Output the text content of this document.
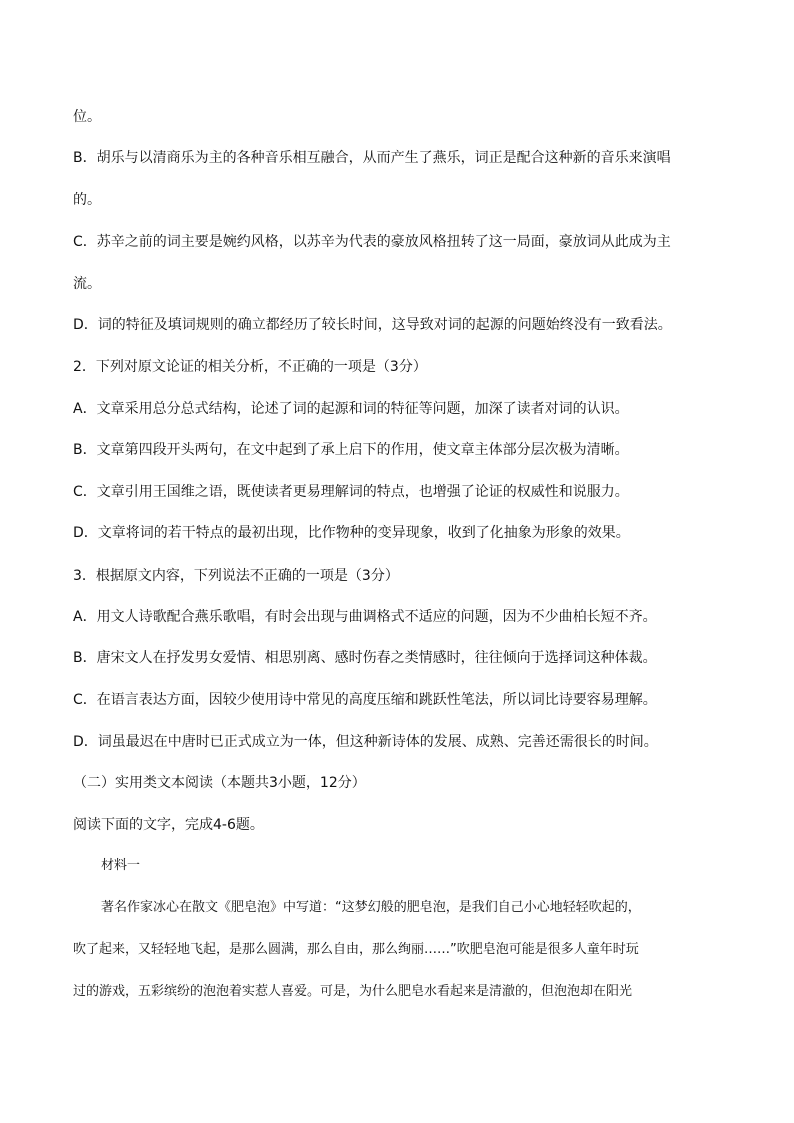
位。
B．胡乐与以清商乐为主的各种音乐相互融合，从而产生了燕乐，词正是配合这种新的音乐来演唱
的。
C．苏辛之前的词主要是婉约风格，以苏辛为代表的豪放风格扭转了这一局面，豪放词从此成为主
流。
D．词的特征及填词规则的确立都经历了较长时间，这导致对词的起源的问题始终没有一致看法。
2．下列对原文论证的相关分析，不正确的一项是（3分）
A．文章采用总分总式结构，论述了词的起源和词的特征等问题，加深了读者对词的认识。
B．文章第四段开头两句，在文中起到了承上启下的作用，使文章主体部分层次极为清晰。
C．文章引用王国维之语，既使读者更易理解词的特点，也增强了论证的权威性和说服力。
D．文章将词的若干特点的最初出现，比作物种的变异现象，收到了化抽象为形象的效果。
3．根据原文内容，下列说法不正确的一项是（3分）
A．用文人诗歌配合燕乐歌唱，有时会出现与曲调格式不适应的问题，因为不少曲柏长短不齐。
B．唐宋文人在抒发男女爱情、相思别离、感时伤春之类情感时，往往倾向于选择词这种体裁。
C．在语言表达方面，因较少使用诗中常见的高度压缩和跳跃性笔法，所以词比诗要容易理解。
D．词虽最迟在中唐时已正式成立为一体，但这种新诗体的发展、成熟、完善还需很长的时间。
（二）实用类文本阅读（本题共3小题，12分）
阅读下面的文字，完成4-6题。
材料一
著名作家冰心在散文《肥皂泡》中写道：“这梦幻般的肥皂泡，是我们自己小心地轻轻吹起的，
吹了起来，又轻轻地飞起，是那么圆满，那么自由，那么绚丽……”吹肥皂泡可能是很多人童年时玩
过的游戏，五彩缤纷的泡泡着实惹人喜爱。可是，为什么肥皂水看起来是清澈的，但泡泡却在阳光
